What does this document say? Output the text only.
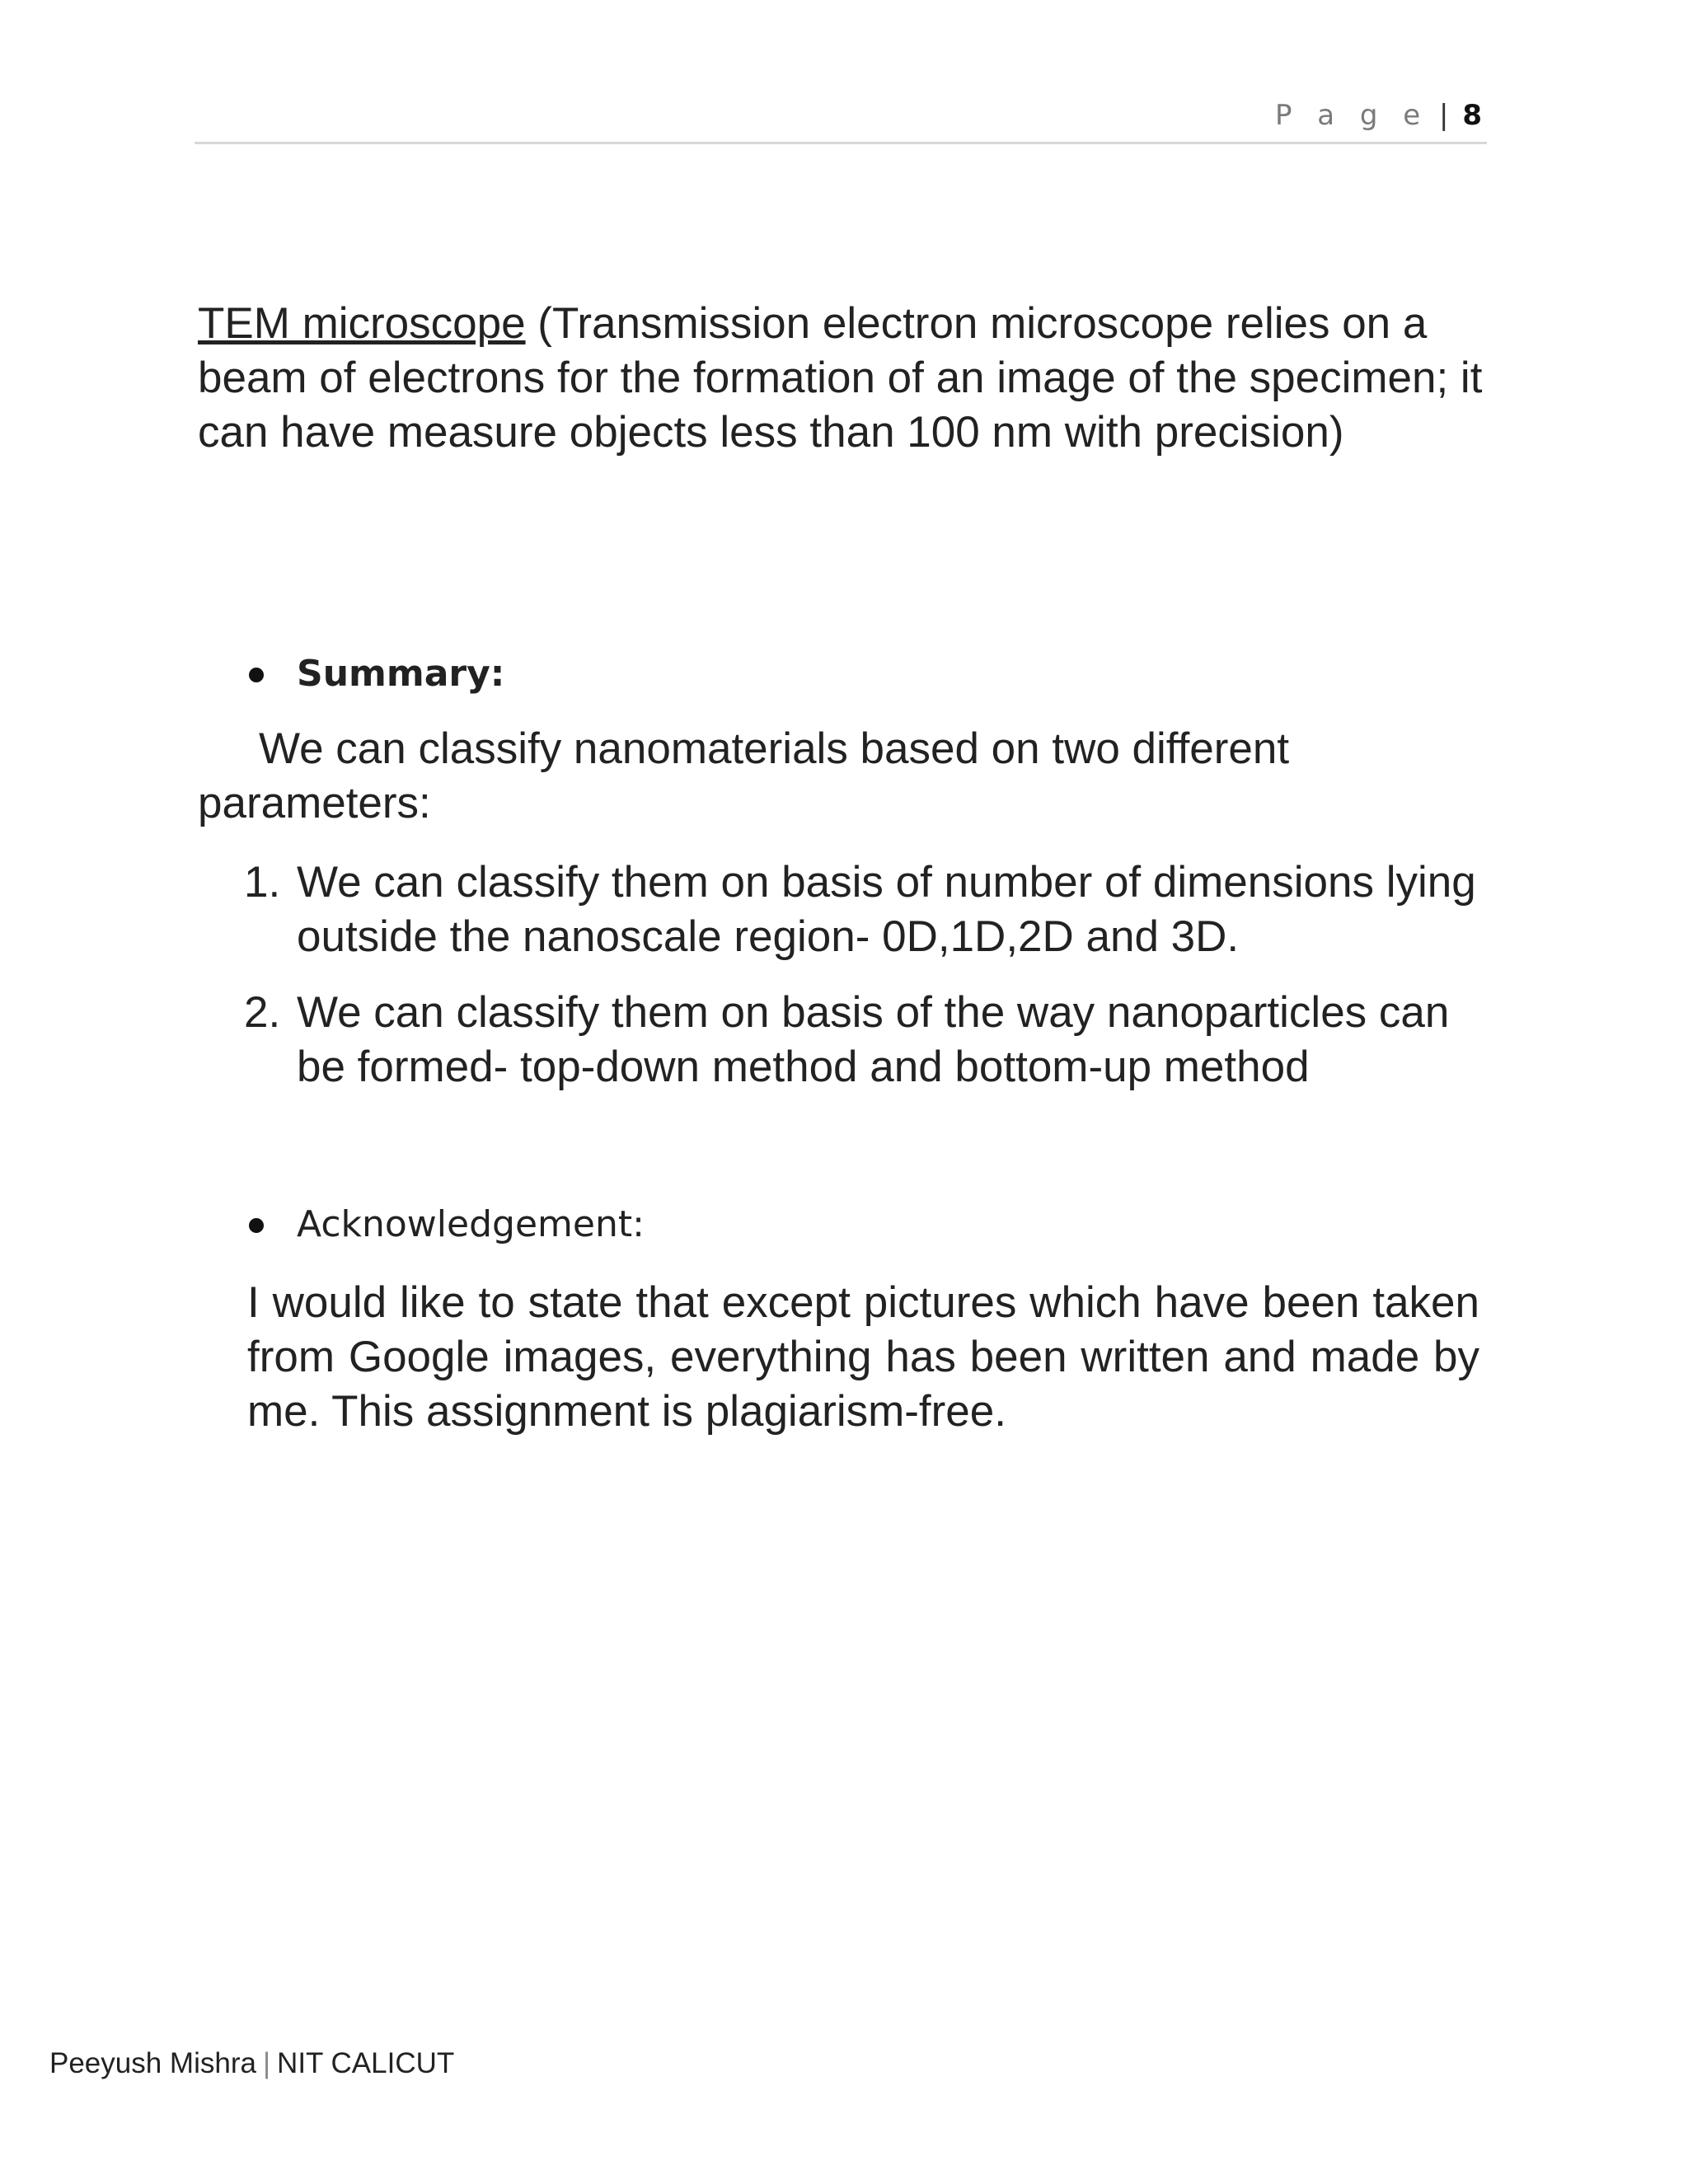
P a g e | 8
TEM microscope (Transmission electron microscope relies on a beam of electrons for the formation of an image of the specimen; it can have measure objects less than 100 nm with precision)
Summary:
We can classify nanomaterials based on two different parameters:
1. We can classify them on basis of number of dimensions lying outside the nanoscale region- 0D,1D,2D and 3D.
2. We can classify them on basis of the way nanoparticles can be formed- top-down method and bottom-up method
Acknowledgement:
I would like to state that except pictures which have been taken from Google images, everything has been written and made by me. This assignment is plagiarism-free.
Peeyush Mishra | NIT CALICUT
